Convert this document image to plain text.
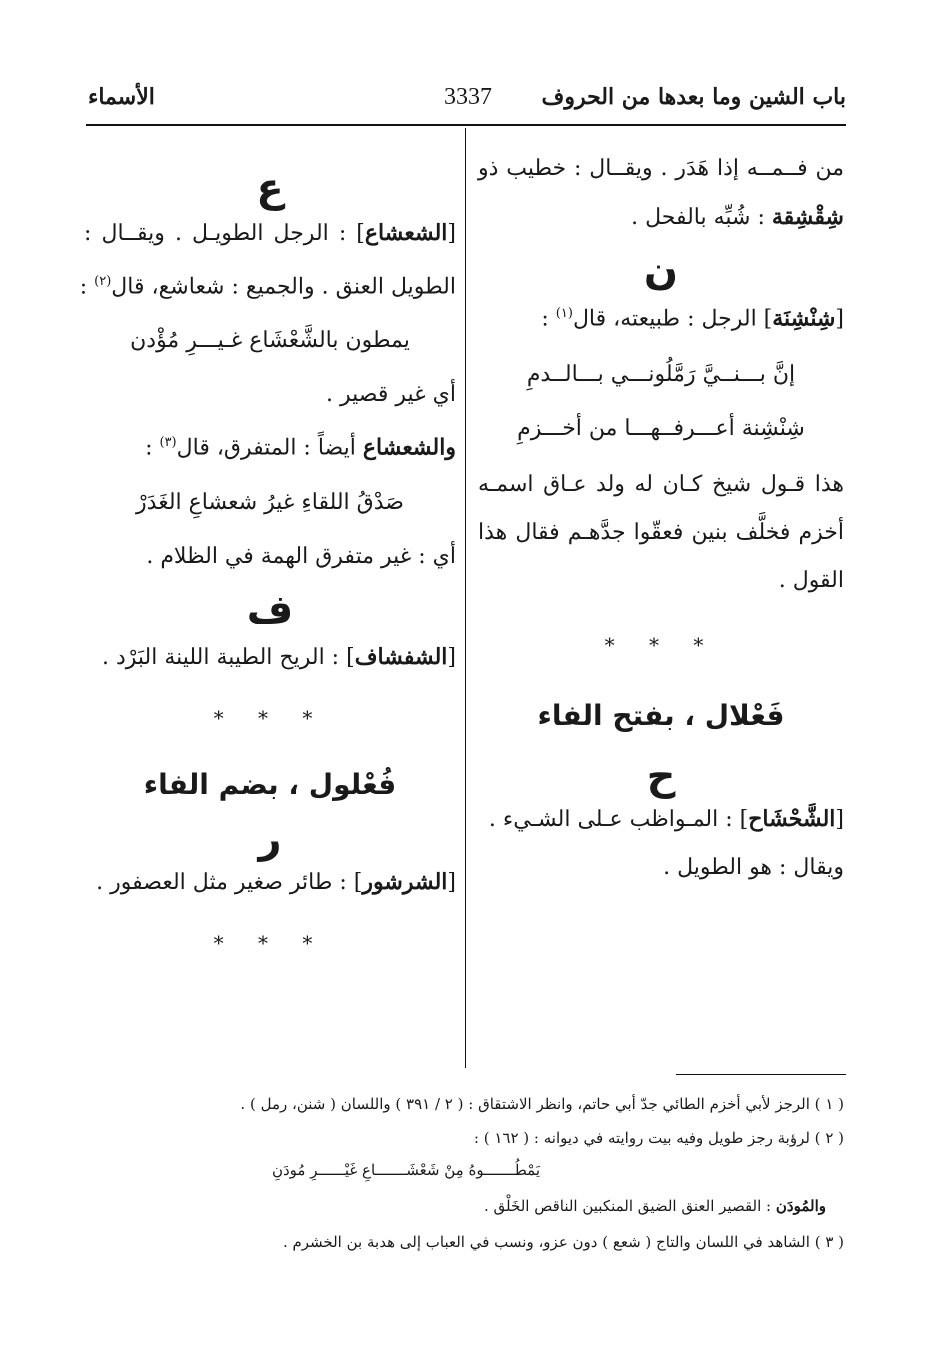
باب الشين وما بعدها من الحروف
3337
الأسماء

من فــمــه إذا هَدَر . ويقــال : خطيب ذو

شِقْشِقة : شُبِّه بالفحل .

ن

[شِنْشِنَة] الرجل : طبيعته، قال$^{(١)}$ :

إنَّ بـــنــيَّ رَمَّلُونـــي بـــالــدمِ

شِنْشِنة أعـــرفــهـــا من أخـــزمِ

هذا قـول شيخ كـان له ولد عـاق اسمـه

أخزم فخلَّف بنين فعقّوا جدَّهـم فقال هذا

القول .

* * *
فَعْلال ، بفتح الفاء
ح

[الشَّحْشَاح] : المـواظب عـلى الشـيء .

ويقال : هو الطويل .

ع

[الشعشاع] : الرجل الطويـل . ويقــال :

الطويل العنق . والجميع : شعاشع، قال$^{(٢)}$ :

يمطون بالشَّعْشَاع غـيـــرِ مُؤْدن

أي غير قصير .

والشعشاع أيضاً : المتفرق، قال$^{(٣)}$ :

صَدْقُ اللقاءِ غيرُ شعشاعِ الغَدَرْ

أي : غير متفرق الهمة في الظلام .

ف

[الشفشاف] : الريح الطيبة اللينة البَرْد .

* * *
فُعْلول ، بضم الفاء
ر

[الشرشور] : طائر صغير مثل العصفور .

* * *
( ١ ) الرجز لأبي أخزم الطائي جدّ أبي حاتم، وانظر الاشتقاق : ( ٢ / ٣٩١ ) واللسان ( شنن، رمل ) .
( ٢ ) لرؤبة رجز طويل وفيه بيت روايته في ديوانه : ( ١٦٢ ) :
يَمْطُـــــــوهُ مِنْ شَعْشَـــــــاعِ غَيْــــــرِ مُودَنِ
والمُودَن : القصير العنق الضيق المنكبين الناقص الخَلْق .
( ٣ ) الشاهد في اللسان والتاج ( شعع ) دون عزو، ونسب في العباب إلى هدبة بن الخشرم .
